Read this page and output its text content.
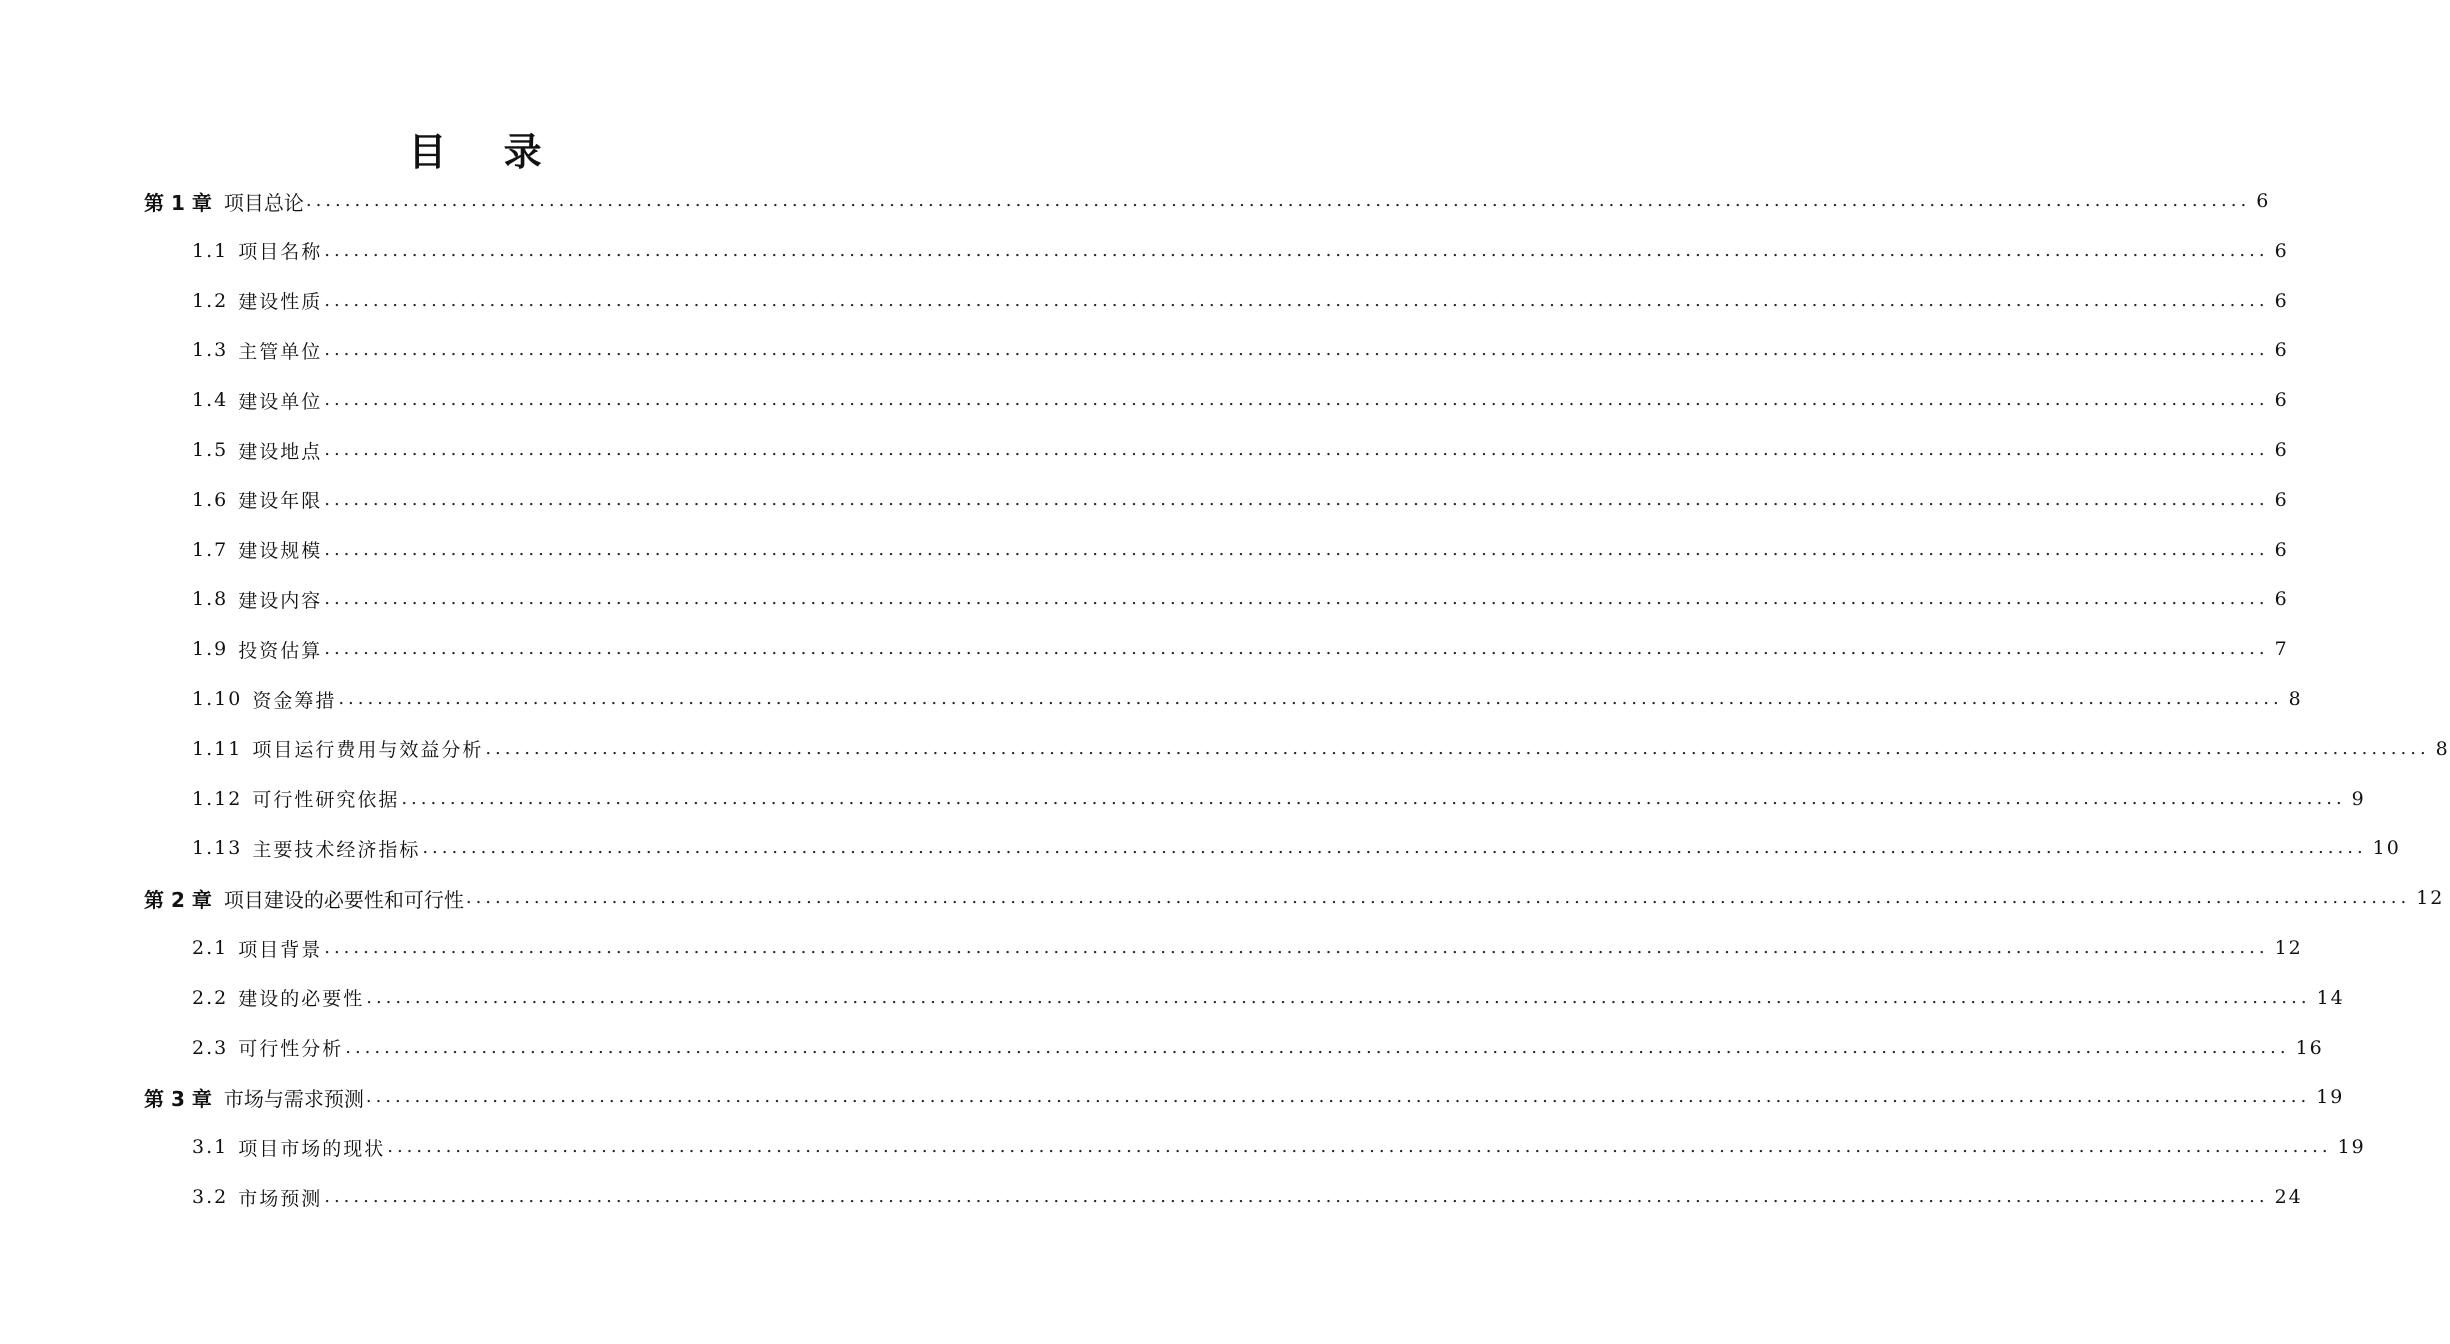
目 录
第 1 章 项目总论 ........................................................................................................................................................................................................ 6
1.1 项目名称 ........................................................................................................................................................................................................ 6
1.2 建设性质 ........................................................................................................................................................................................................ 6
1.3 主管单位 ........................................................................................................................................................................................................ 6
1.4 建设单位 ........................................................................................................................................................................................................ 6
1.5 建设地点 ........................................................................................................................................................................................................ 6
1.6 建设年限 ........................................................................................................................................................................................................ 6
1.7 建设规模 ........................................................................................................................................................................................................ 6
1.8 建设内容 ........................................................................................................................................................................................................ 6
1.9 投资估算 ........................................................................................................................................................................................................ 7
1.10 资金筹措 ........................................................................................................................................................................................................ 8
1.11 项目运行费用与效益分析 ........................................................................................................................................................................................................ 8
1.12 可行性研究依据 ........................................................................................................................................................................................................ 9
1.13 主要技术经济指标 ........................................................................................................................................................................................................ 10
第 2 章 项目建设的必要性和可行性 ........................................................................................................................................................................................................ 12
2.1 项目背景 ........................................................................................................................................................................................................ 12
2.2 建设的必要性 ........................................................................................................................................................................................................ 14
2.3 可行性分析 ........................................................................................................................................................................................................ 16
第 3 章 市场与需求预测 ........................................................................................................................................................................................................ 19
3.1 项目市场的现状 ........................................................................................................................................................................................................ 19
3.2 市场预测 ........................................................................................................................................................................................................ 24
